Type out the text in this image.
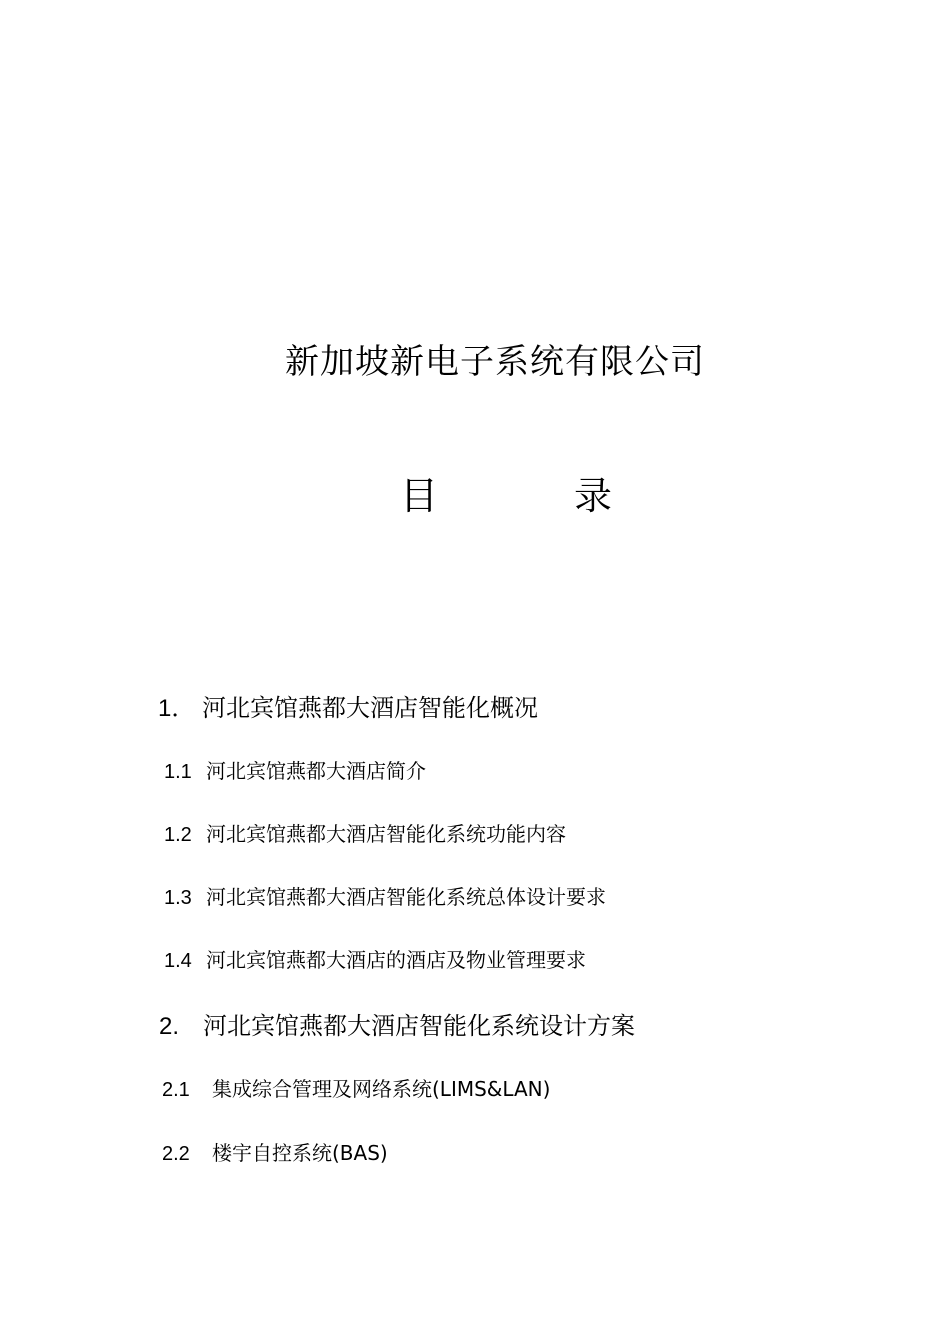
新加坡新电子系统有限公司
目	录
1． 河北宾馆燕都大酒店智能化概况
1.1 河北宾馆燕都大酒店简介
1.2 河北宾馆燕都大酒店智能化系统功能内容
1.3 河北宾馆燕都大酒店智能化系统总体设计要求
1.4 河北宾馆燕都大酒店的酒店及物业管理要求
2. 河北宾馆燕都大酒店智能化系统设计方案
2.1	集成综合管理及网络系统(LIMS&LAN)
2.2	楼宇自控系统(BAS)
